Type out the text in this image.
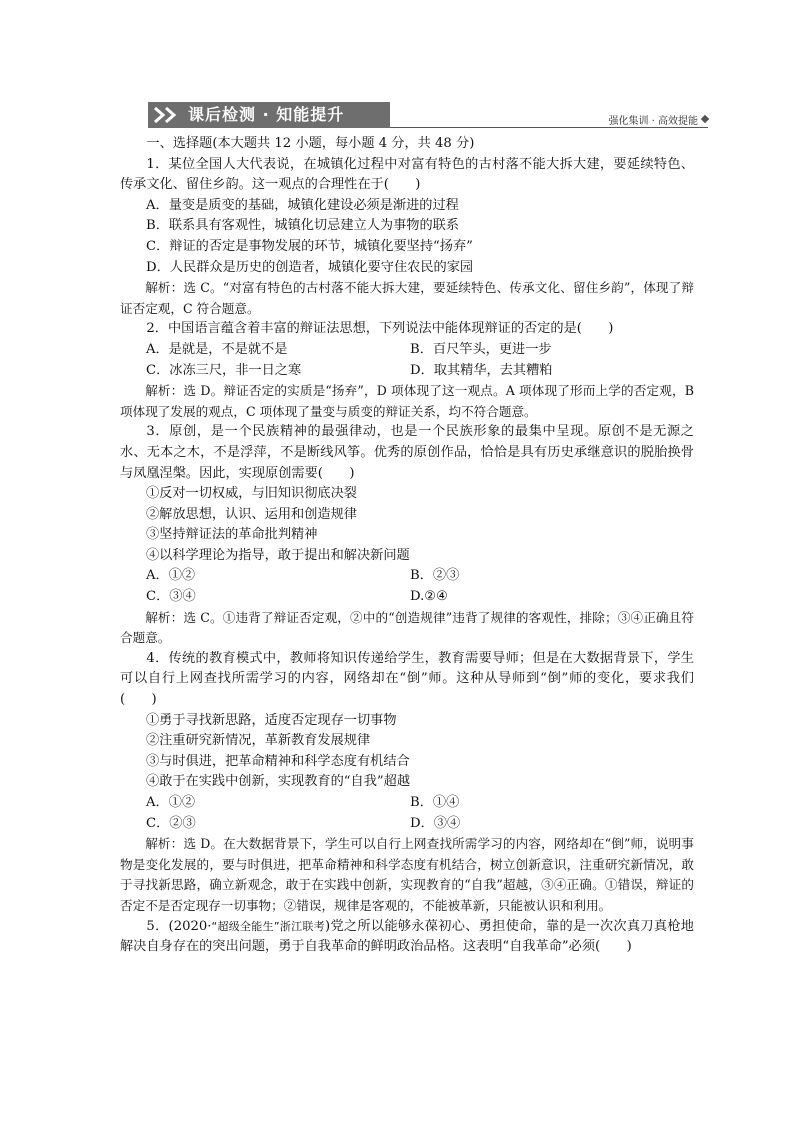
课后检测 · 知能提升	强化集训 · 高效提能

一、选择题(本大题共 12 小题，每小题 4 分，共 48 分)

1．某位全国人大代表说，在城镇化过程中对富有特色的古村落不能大拆大建，要延续特色、传承文化、留住乡韵。这一观点的合理性在于(　　)

A．量变是质变的基础，城镇化建设必须是渐进的过程

B．联系具有客观性，城镇化切忌建立人为事物的联系

C．辩证的否定是事物发展的环节，城镇化要坚持“扬弃”

D．人民群众是历史的创造者，城镇化要守住农民的家园

解析：选 C。“对富有特色的古村落不能大拆大建，要延续特色、传承文化、留住乡韵”，体现了辩证否定观，C 符合题意。

2．中国语言蕴含着丰富的辩证法思想，下列说法中能体现辩证的否定的是(　　)

A．是就是，不是就不是	B．百尺竿头，更进一步
C．冰冻三尺，非一日之寒	D．取其精华，去其糟粕

解析：选 D。辩证否定的实质是“扬弃”，D 项体现了这一观点。A 项体现了形而上学的否定观，B 项体现了发展的观点，C 项体现了量变与质变的辩证关系，均不符合题意。

3．原创，是一个民族精神的最强律动，也是一个民族形象的最集中呈现。原创不是无源之水、无本之木，不是浮萍，不是断线风筝。优秀的原创作品，恰恰是具有历史承继意识的脱胎换骨与凤凰涅槃。因此，实现原创需要(　　)

①反对一切权威，与旧知识彻底决裂

②解放思想，认识、运用和创造规律

③坚持辩证法的革命批判精神

④以科学理论为指导，敢于提出和解决新问题

A．①②	B．②③
C．③④	D.②④

解析：选 C。①违背了辩证否定观，②中的“创造规律”违背了规律的客观性，排除；③④正确且符合题意。

4．传统的教育模式中，教师将知识传递给学生，教育需要导师；但是在大数据背景下，学生可以自行上网查找所需学习的内容，网络却在“倒”师。这种从导师到“倒”师的变化，要求我们(　　)

①勇于寻找新思路，适度否定现存一切事物

②注重研究新情况，革新教育发展规律

③与时俱进，把革命精神和科学态度有机结合

④敢于在实践中创新，实现教育的“自我”超越

A．①②	B．①④
C．②③	D．③④

解析：选 D。在大数据背景下，学生可以自行上网查找所需学习的内容，网络却在“倒”师，说明事物是变化发展的，要与时俱进，把革命精神和科学态度有机结合，树立创新意识，注重研究新情况，敢于寻找新思路，确立新观念，敢于在实践中创新，实现教育的“自我”超越，③④正确。①错误，辩证的否定不是否定现存一切事物；②错误，规律是客观的，不能被革新，只能被认识和利用。

5．(2020·“超级全能生”浙江联考)党之所以能够永葆初心、勇担使命，靠的是一次次真刀真枪地解决自身存在的突出问题，勇于自我革命的鲜明政治品格。这表明“自我革命”必须(　　)
